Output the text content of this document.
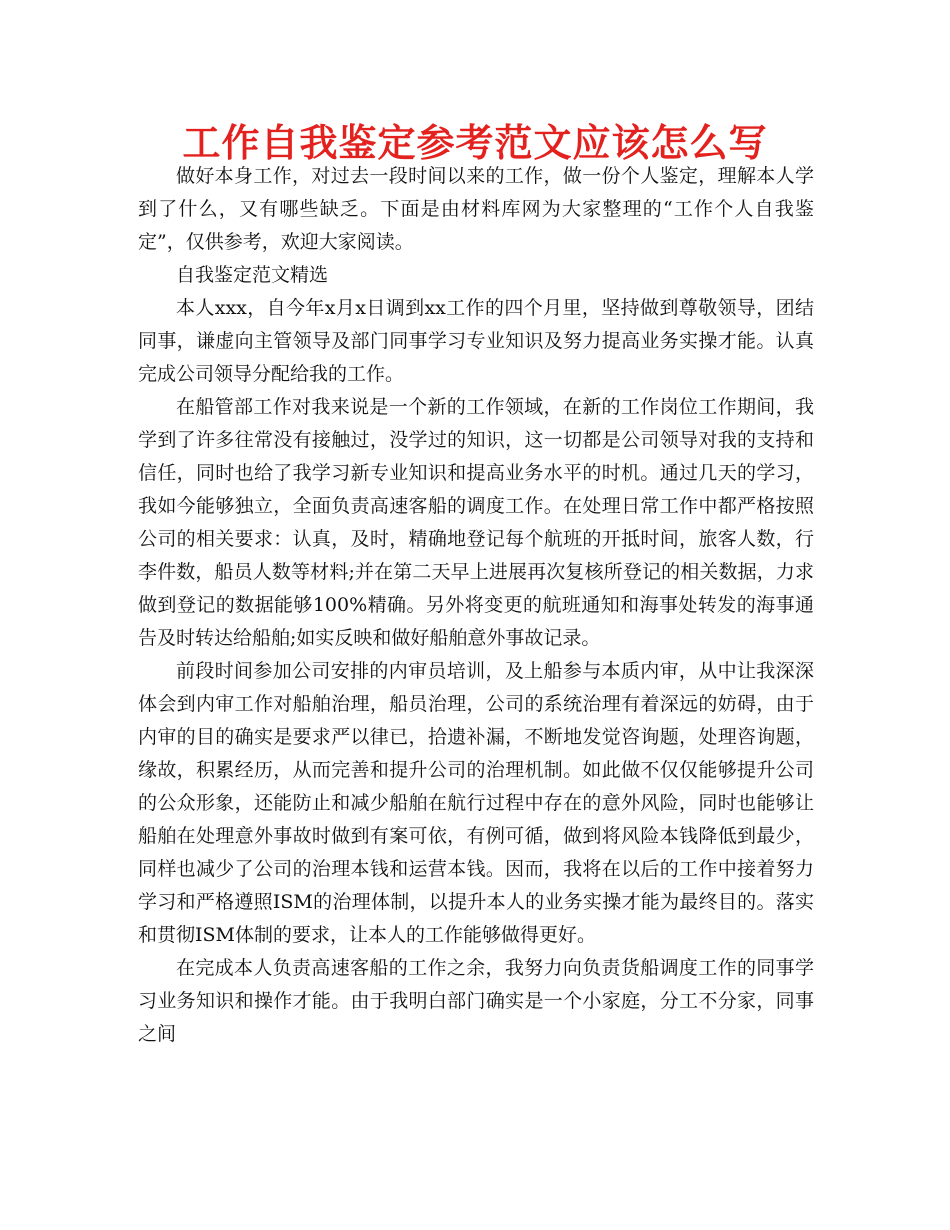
工作自我鉴定参考范文应该怎么写

做好本身工作，对过去一段时间以来的工作，做一份个人鉴定，理解本人学到了什么，又有哪些缺乏。下面是由材料库网为大家整理的“工作个人自我鉴定”，仅供参考，欢迎大家阅读。

自我鉴定范文精选

本人xxx，自今年x月x日调到xx工作的四个月里，坚持做到尊敬领导，团结同事，谦虚向主管领导及部门同事学习专业知识及努力提高业务实操才能。认真完成公司领导分配给我的工作。

在船管部工作对我来说是一个新的工作领域，在新的工作岗位工作期间，我学到了许多往常没有接触过，没学过的知识，这一切都是公司领导对我的支持和信任，同时也给了我学习新专业知识和提高业务水平的时机。通过几天的学习，我如今能够独立，全面负责高速客船的调度工作。在处理日常工作中都严格按照公司的相关要求：认真，及时，精确地登记每个航班的开抵时间，旅客人数，行李件数，船员人数等材料;并在第二天早上进展再次复核所登记的相关数据，力求做到登记的数据能够100%精确。另外将变更的航班通知和海事处转发的海事通告及时转达给船舶;如实反映和做好船舶意外事故记录。

前段时间参加公司安排的内审员培训，及上船参与本质内审，从中让我深深体会到内审工作对船舶治理，船员治理，公司的系统治理有着深远的妨碍，由于内审的目的确实是要求严以律已，拾遗补漏，不断地发觉咨询题，处理咨询题，缘故，积累经历，从而完善和提升公司的治理机制。如此做不仅仅能够提升公司的公众形象，还能防止和减少船舶在航行过程中存在的意外风险，同时也能够让船舶在处理意外事故时做到有案可依，有例可循，做到将风险本钱降低到最少，同样也减少了公司的治理本钱和运营本钱。因而，我将在以后的工作中接着努力学习和严格遵照ISM的治理体制，以提升本人的业务实操才能为最终目的。落实和贯彻ISM体制的要求，让本人的工作能够做得更好。

在完成本人负责高速客船的工作之余，我努力向负责货船调度工作的同事学习业务知识和操作才能。由于我明白部门确实是一个小家庭，分工不分家，同事之间
